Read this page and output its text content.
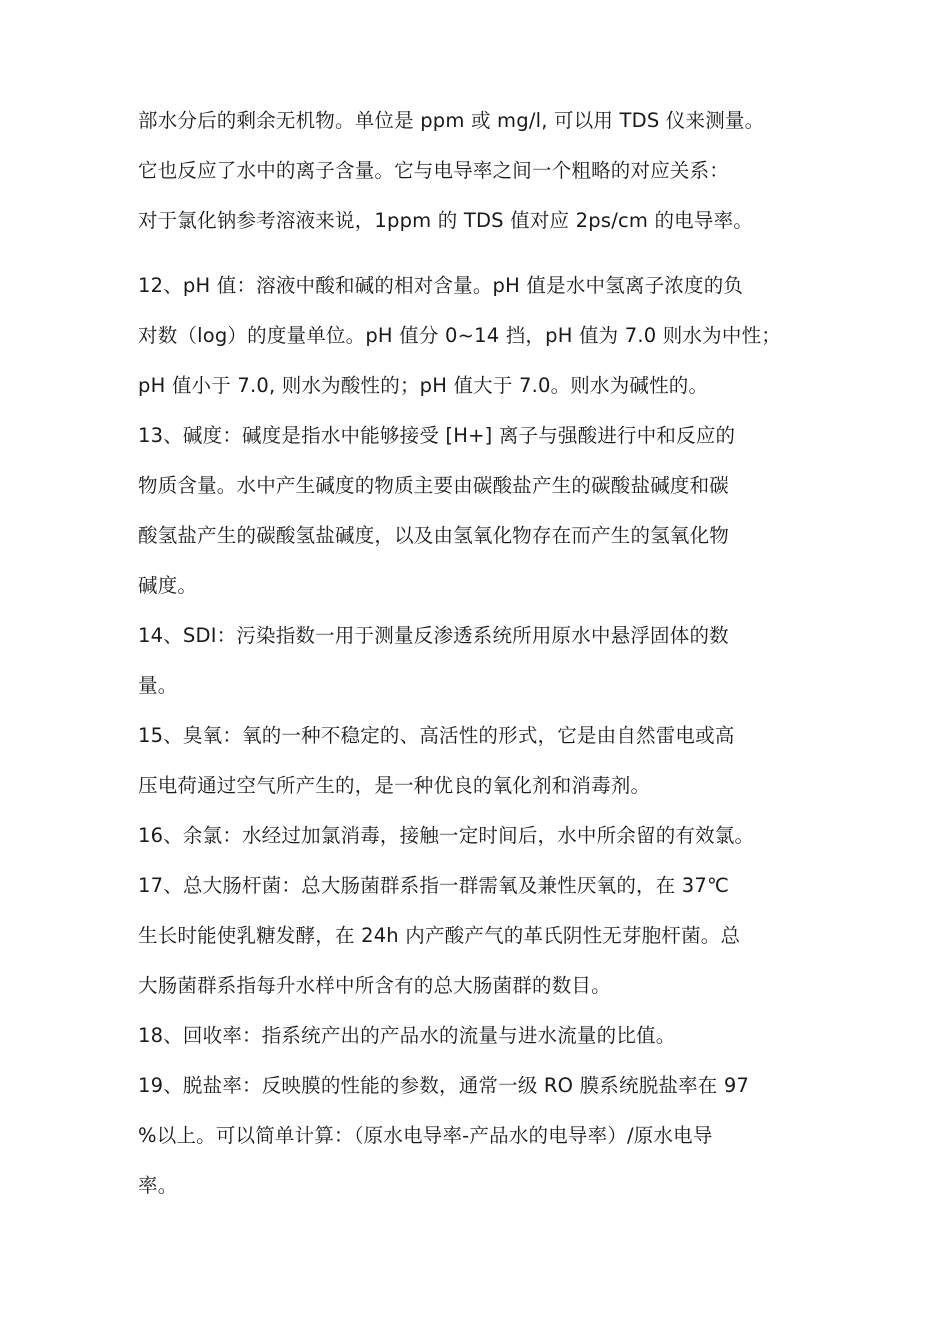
部水分后的剩余无机物。单位是 ppm 或 mg/l, 可以用 TDS 仪来测量。
它也反应了水中的离子含量。它与电导率之间一个粗略的对应关系：
对于氯化钠参考溶液来说，1ppm 的 TDS 值对应 2ps/cm 的电导率。
12、pH 值：溶液中酸和碱的相对含量。pH 值是水中氢离子浓度的负
对数（log）的度量单位。pH 值分 0~14 挡，pH 值为 7.0 则水为中性；
pH 值小于 7.0, 则水为酸性的；pH 值大于 7.0。则水为碱性的。
13、碱度：碱度是指水中能够接受 [H+] 离子与强酸进行中和反应的
物质含量。水中产生碱度的物质主要由碳酸盐产生的碳酸盐碱度和碳
酸氢盐产生的碳酸氢盐碱度，以及由氢氧化物存在而产生的氢氧化物
碱度。
14、SDI：污染指数一用于测量反渗透系统所用原水中悬浮固体的数
量。
15、臭氧：氧的一种不稳定的、高活性的形式，它是由自然雷电或高
压电荷通过空气所产生的，是一种优良的氧化剂和消毒剂。
16、余氯：水经过加氯消毒，接触一定时间后，水中所余留的有效氯。
17、总大肠杆菌：总大肠菌群系指一群需氧及兼性厌氧的，在 37℃
生长时能使乳糖发酵，在 24h 内产酸产气的革氏阴性无芽胞杆菌。总
大肠菌群系指每升水样中所含有的总大肠菌群的数目。
18、回收率：指系统产出的产品水的流量与进水流量的比值。
19、脱盐率：反映膜的性能的参数，通常一级 RO 膜系统脱盐率在 97
%以上。可以简单计算：（原水电导率-产品水的电导率）/原水电导
率。
